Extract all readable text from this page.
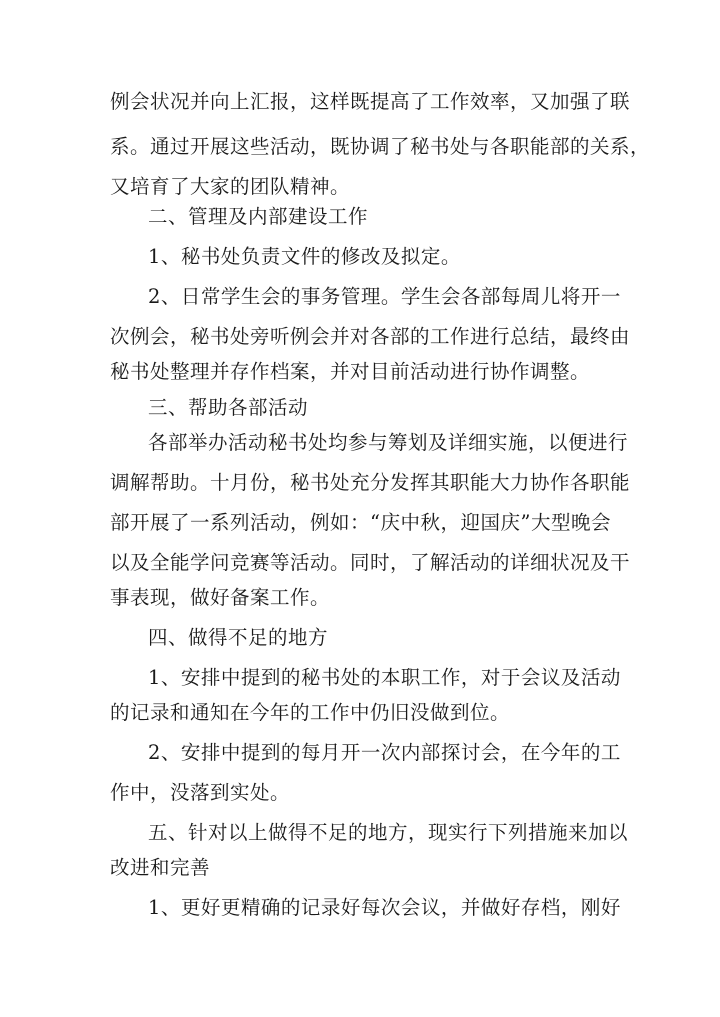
例会状况并向上汇报，这样既提高了工作效率，又加强了联
系。通过开展这些活动，既协调了秘书处与各职能部的关系，
又培育了大家的团队精神。
二、管理及内部建设工作
1、秘书处负责文件的修改及拟定。
2、日常学生会的事务管理。学生会各部每周儿将开一
次例会，秘书处旁听例会并对各部的工作进行总结，最终由
秘书处整理并存作档案，并对目前活动进行协作调整。
三、帮助各部活动
各部举办活动秘书处均参与筹划及详细实施，以便进行
调解帮助。十月份，秘书处充分发挥其职能大力协作各职能
部开展了一系列活动，例如：“庆中秋，迎国庆”大型晚会
以及全能学问竞赛等活动。同时，了解活动的详细状况及干
事表现，做好备案工作。
四、做得不足的地方
1、安排中提到的秘书处的本职工作，对于会议及活动
的记录和通知在今年的工作中仍旧没做到位。
2、安排中提到的每月开一次内部探讨会，在今年的工
作中，没落到实处。
五、针对以上做得不足的地方，现实行下列措施来加以
改进和完善
1、更好更精确的记录好每次会议，并做好存档，刚好
